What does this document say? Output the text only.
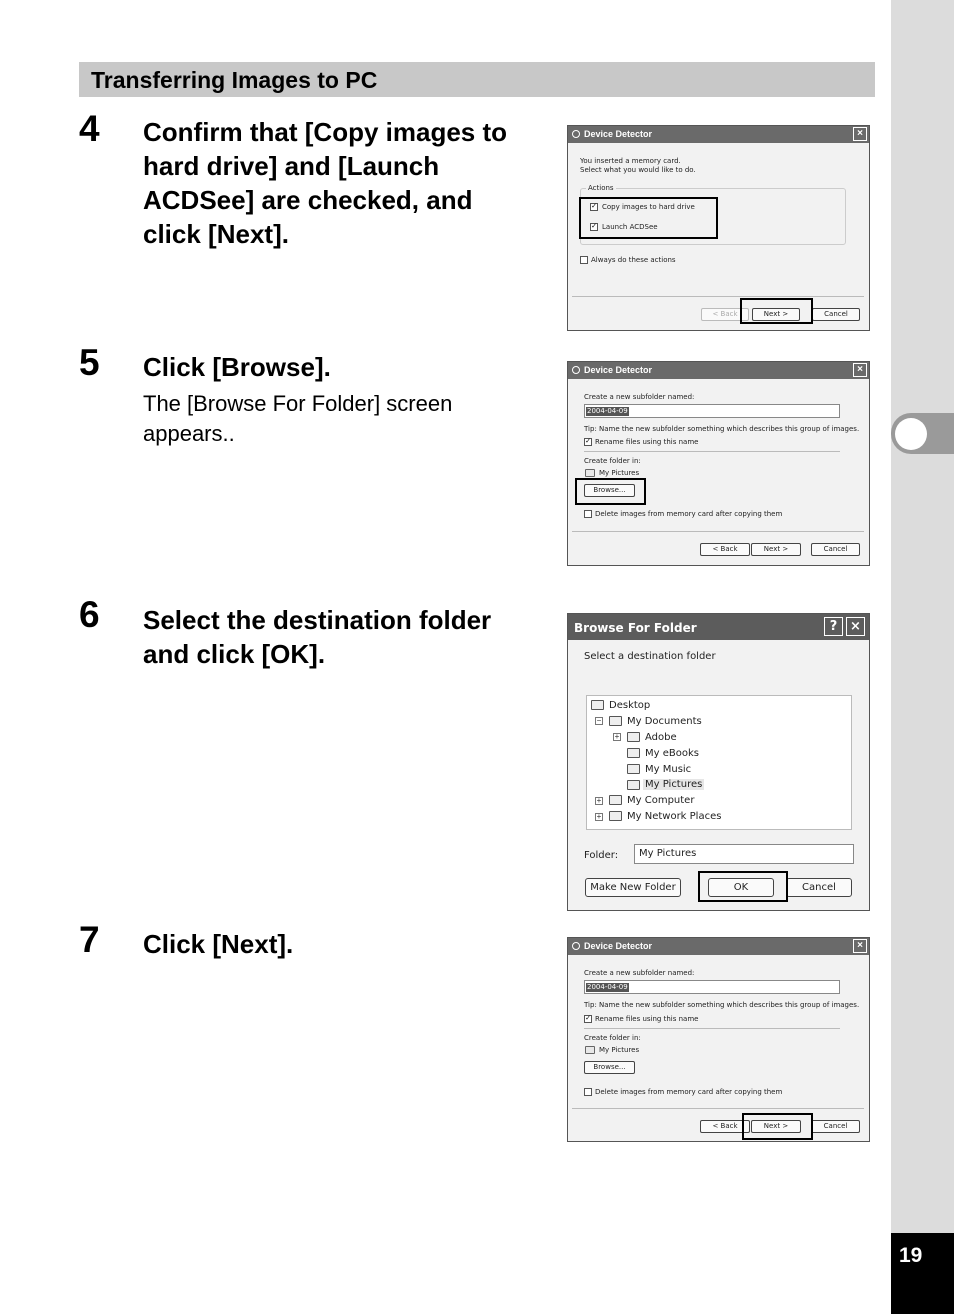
19
Transferring Images to PC
4 Confirm that [Copy images to
hard drive] and [Launch
ACDSee] are checked, and
click [Next].
Device Detector	×
You inserted a memory card.
Select what you would like to do.
Actions
✓ Copy images to hard drive
✓ Launch ACDSee
Always do these actions
< Back	Next >	Cancel
5 Click [Browse].
The [Browse For Folder] screen
appears..
Device Detector	×
Create a new subfolder named:
2004-04-09
Tip: Name the new subfolder something which describes this group of images.
✓ Rename files using this name
Create folder in:
My Pictures
Browse...
Delete images from memory card after copying them
< Back	Next >	Cancel
6 Select the destination folder
and click [OK].
Browse For Folder	? ×
Select a destination folder
Desktop
−	My Documents
+	Adobe
My eBooks
My Music
My Pictures
+	My Computer
+	My Network Places
Folder: My Pictures
Make New Folder	OK	Cancel
7 Click [Next].	Device Detector	×
Create a new subfolder named:
2004-04-09
Tip: Name the new subfolder something which describes this group of images.
✓ Rename files using this name
Create folder in:
My Pictures
Browse...
Delete images from memory card after copying them
< Back	Next >	Cancel
